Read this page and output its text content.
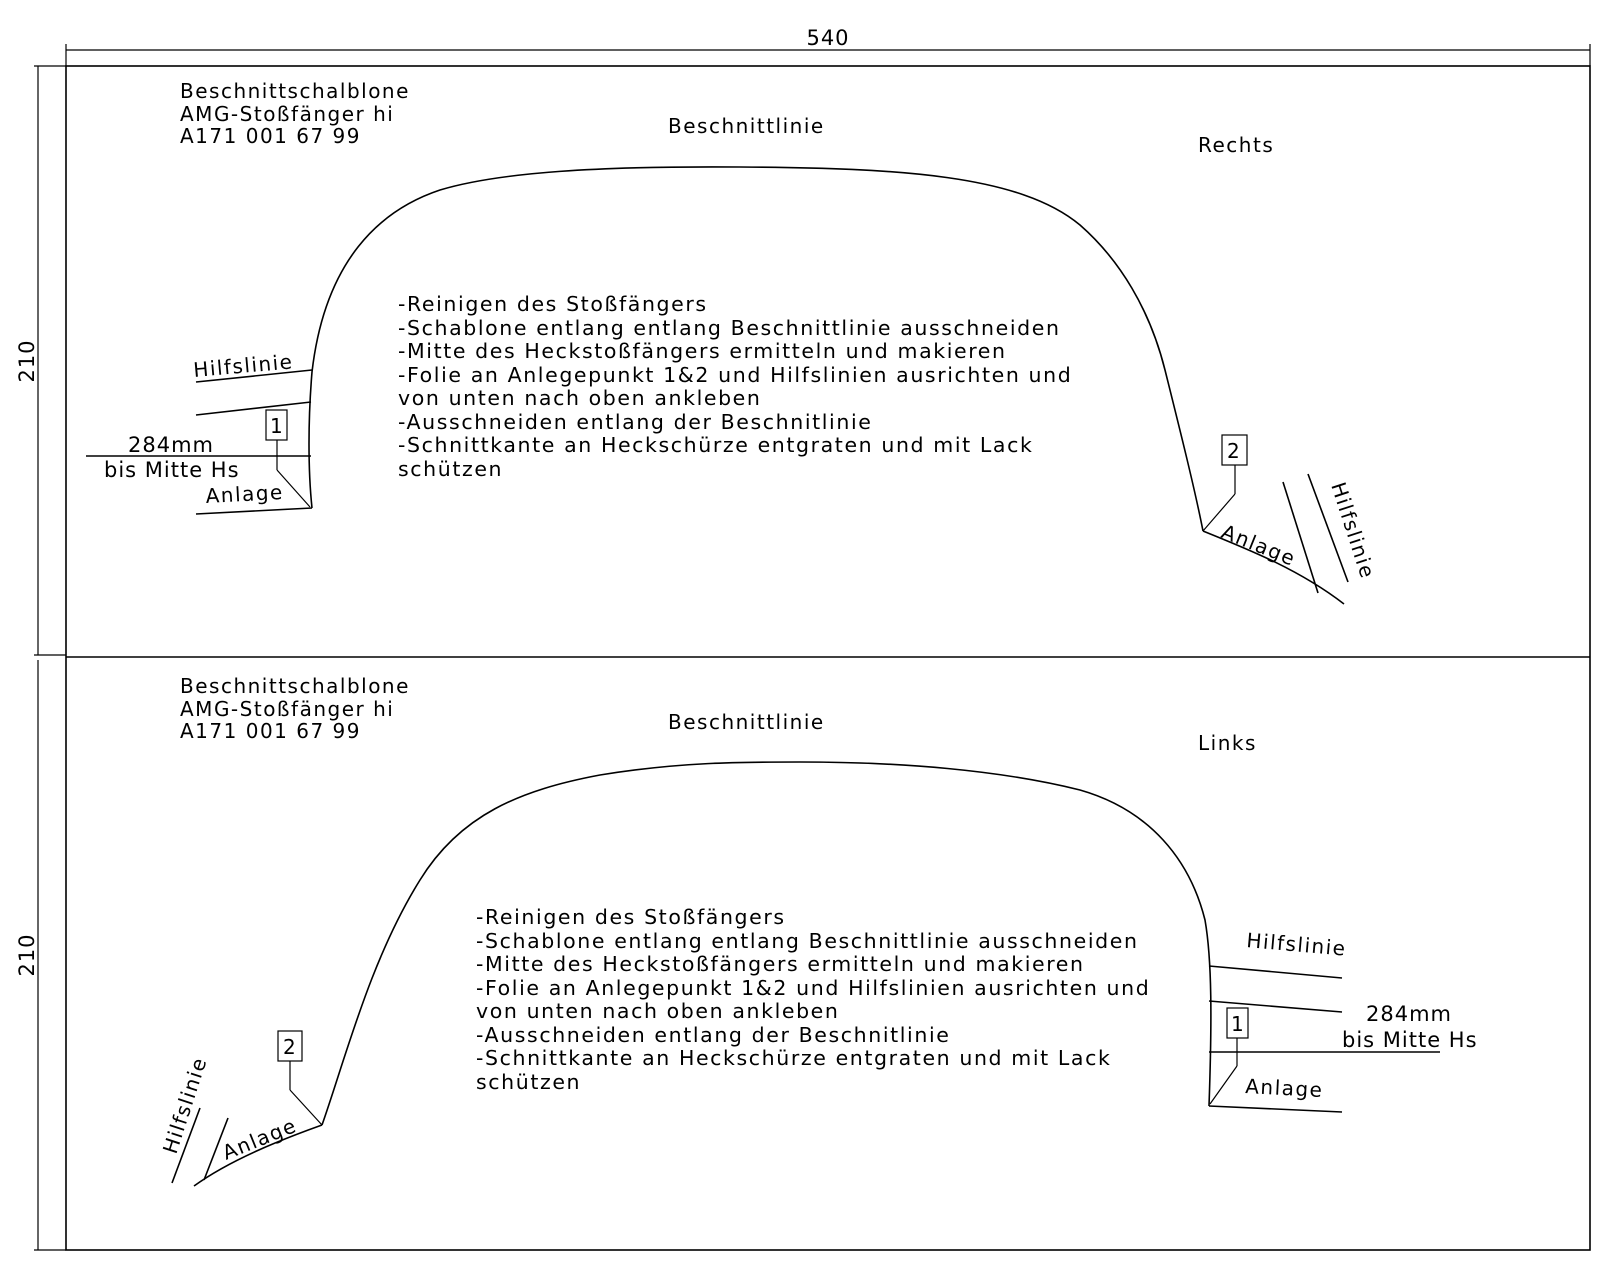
540
210
210
Beschnittschalblone
AMG-Stoßfänger hi
A171 001 67 99	Beschnittlinie
Rechts
Hilfslinie
1
284mm
bis Mitte Hs
Anlage
2
Anlage Hilfslinie
-Reinigen des Stoßfängers
-Schablone entlang entlang Beschnittlinie ausschneiden
-Mitte des Heckstoßfängers ermitteln und makieren
-Folie an Anlegepunkt 1&2 und Hilfslinien ausrichten und
von unten nach oben ankleben
-Ausschneiden entlang der Beschnitlinie
-Schnittkante an Heckschürze entgraten und mit Lack
schützen
Beschnittschalblone
AMG-Stoßfänger hi
A171 001 67 99	Beschnittlinie
Links
2
Anlage
Hilfslinie
Hilfslinie
1
Anlage
284mm
bis Mitte Hs
-Reinigen des Stoßfängers
-Schablone entlang entlang Beschnittlinie ausschneiden
-Mitte des Heckstoßfängers ermitteln und makieren
-Folie an Anlegepunkt 1&2 und Hilfslinien ausrichten und
von unten nach oben ankleben
-Ausschneiden entlang der Beschnitlinie
-Schnittkante an Heckschürze entgraten und mit Lack
schützen
